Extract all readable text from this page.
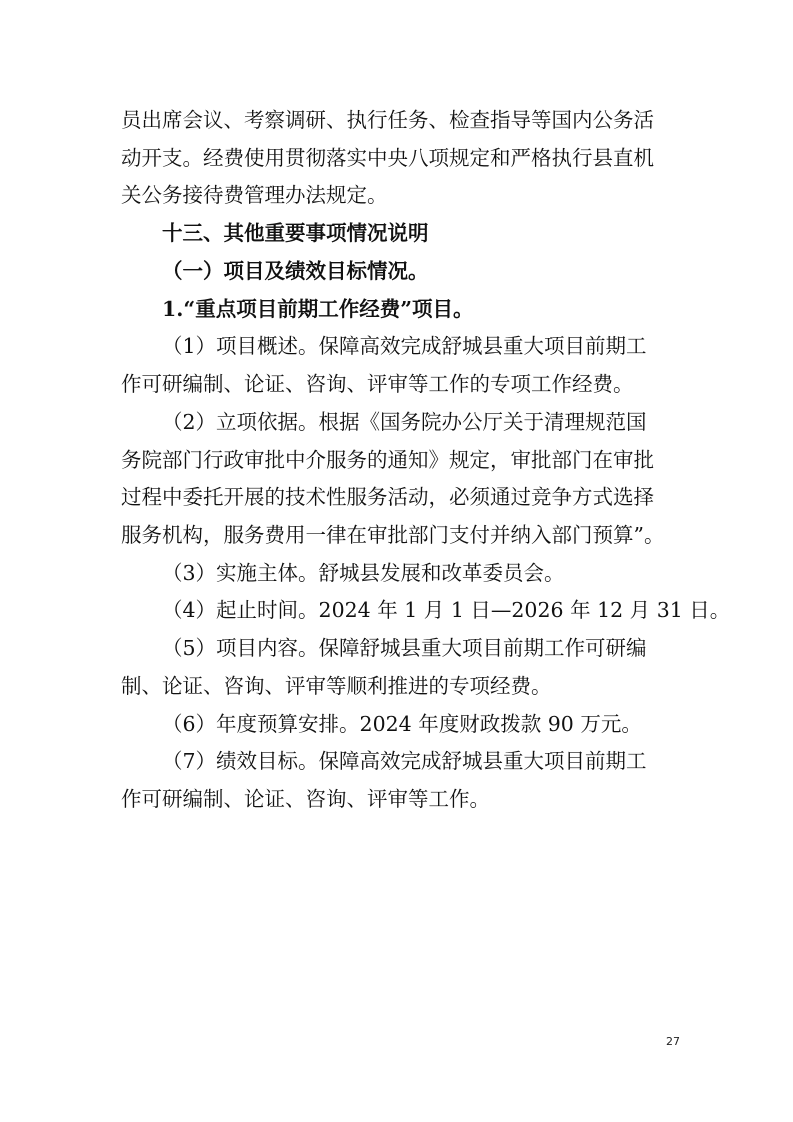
员出席会议、考察调研、执行任务、检查指导等国内公务活

动开支。经费使用贯彻落实中央八项规定和严格执行县直机

关公务接待费管理办法规定。

十三、其他重要事项情况说明
（一）项目及绩效目标情况。
1.“重点项目前期工作经费”项目。

（1）项目概述。保障高效完成舒城县重大项目前期工

作可研编制、论证、咨询、评审等工作的专项工作经费。

（2）立项依据。根据《国务院办公厅关于清理规范国

务院部门行政审批中介服务的通知》规定，审批部门在审批

过程中委托开展的技术性服务活动，必须通过竞争方式选择

服务机构，服务费用一律在审批部门支付并纳入部门预算”。

（3）实施主体。舒城县发展和改革委员会。

（4）起止时间。2024 年 1 月 1 日—2026 年 12 月 31 日。

（5）项目内容。保障舒城县重大项目前期工作可研编

制、论证、咨询、评审等顺利推进的专项经费。

（6）年度预算安排。2024 年度财政拨款 90 万元。

（7）绩效目标。保障高效完成舒城县重大项目前期工

作可研编制、论证、咨询、评审等工作。

27
